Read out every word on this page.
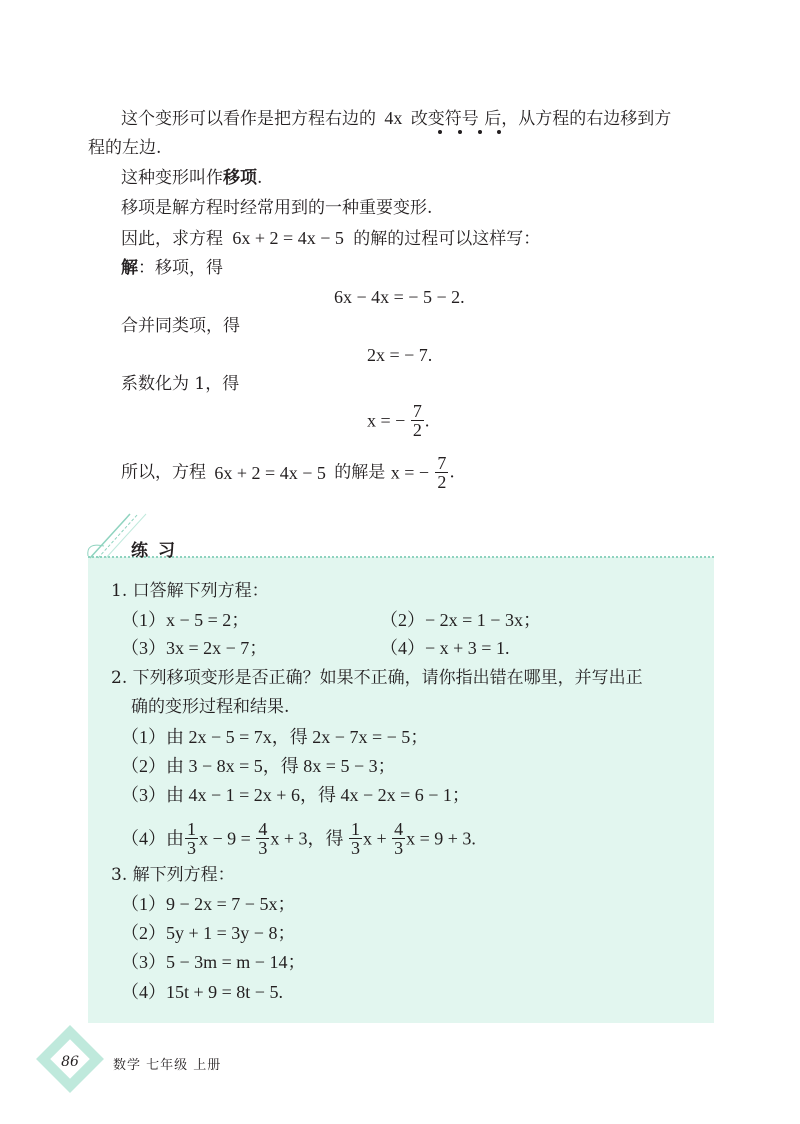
这个变形可以看作是把方程右边的 4x 改变符号 后，从方程的右边移到方
程的左边.
这种变形叫作移项.
移项是解方程时经常用到的一种重要变形.
因此，求方程 6x + 2 = 4x − 5 的解的过程可以这样写：
解：移项，得
6x − 4x = − 5 − 2.
合并同类项，得
2x = − 7.
系数化为 1，得
x = − $\frac{7}{2}$ .
所以，方程 6x + 2 = 4x − 5 的解是 x = − $\frac{7}{2}$ .
练习
1. 口答解下列方程：
（1）x − 5 = 2；	（2）− 2x = 1 − 3x；
（3）3x = 2x − 7；	（4）− x + 3 = 1.
2. 下列移项变形是否正确？如果不正确，请你指出错在哪里，并写出正
确的变形过程和结果.
（1）由 2x − 5 = 7x，得 2x − 7x = − 5；
（2）由 3 − 8x = 5，得 8x = 5 − 3；
（3）由 4x − 1 = 2x + 6，得 4x − 2x = 6 − 1；
（4）由 $\frac{1}{3}$ $x - 9 = \frac{4}{3}$ x + 3，得 $\frac{1}{3}$ $x + \frac{4}{3}$ x = 9 + 3.
3. 解下列方程：
（1）9 − 2x = 7 − 5x；
（2）5y + 1 = 3y − 8；
（3）5 − 3m = m − 14；
（4）15t + 9 = 8t − 5.
86	数学 七年级 上册
